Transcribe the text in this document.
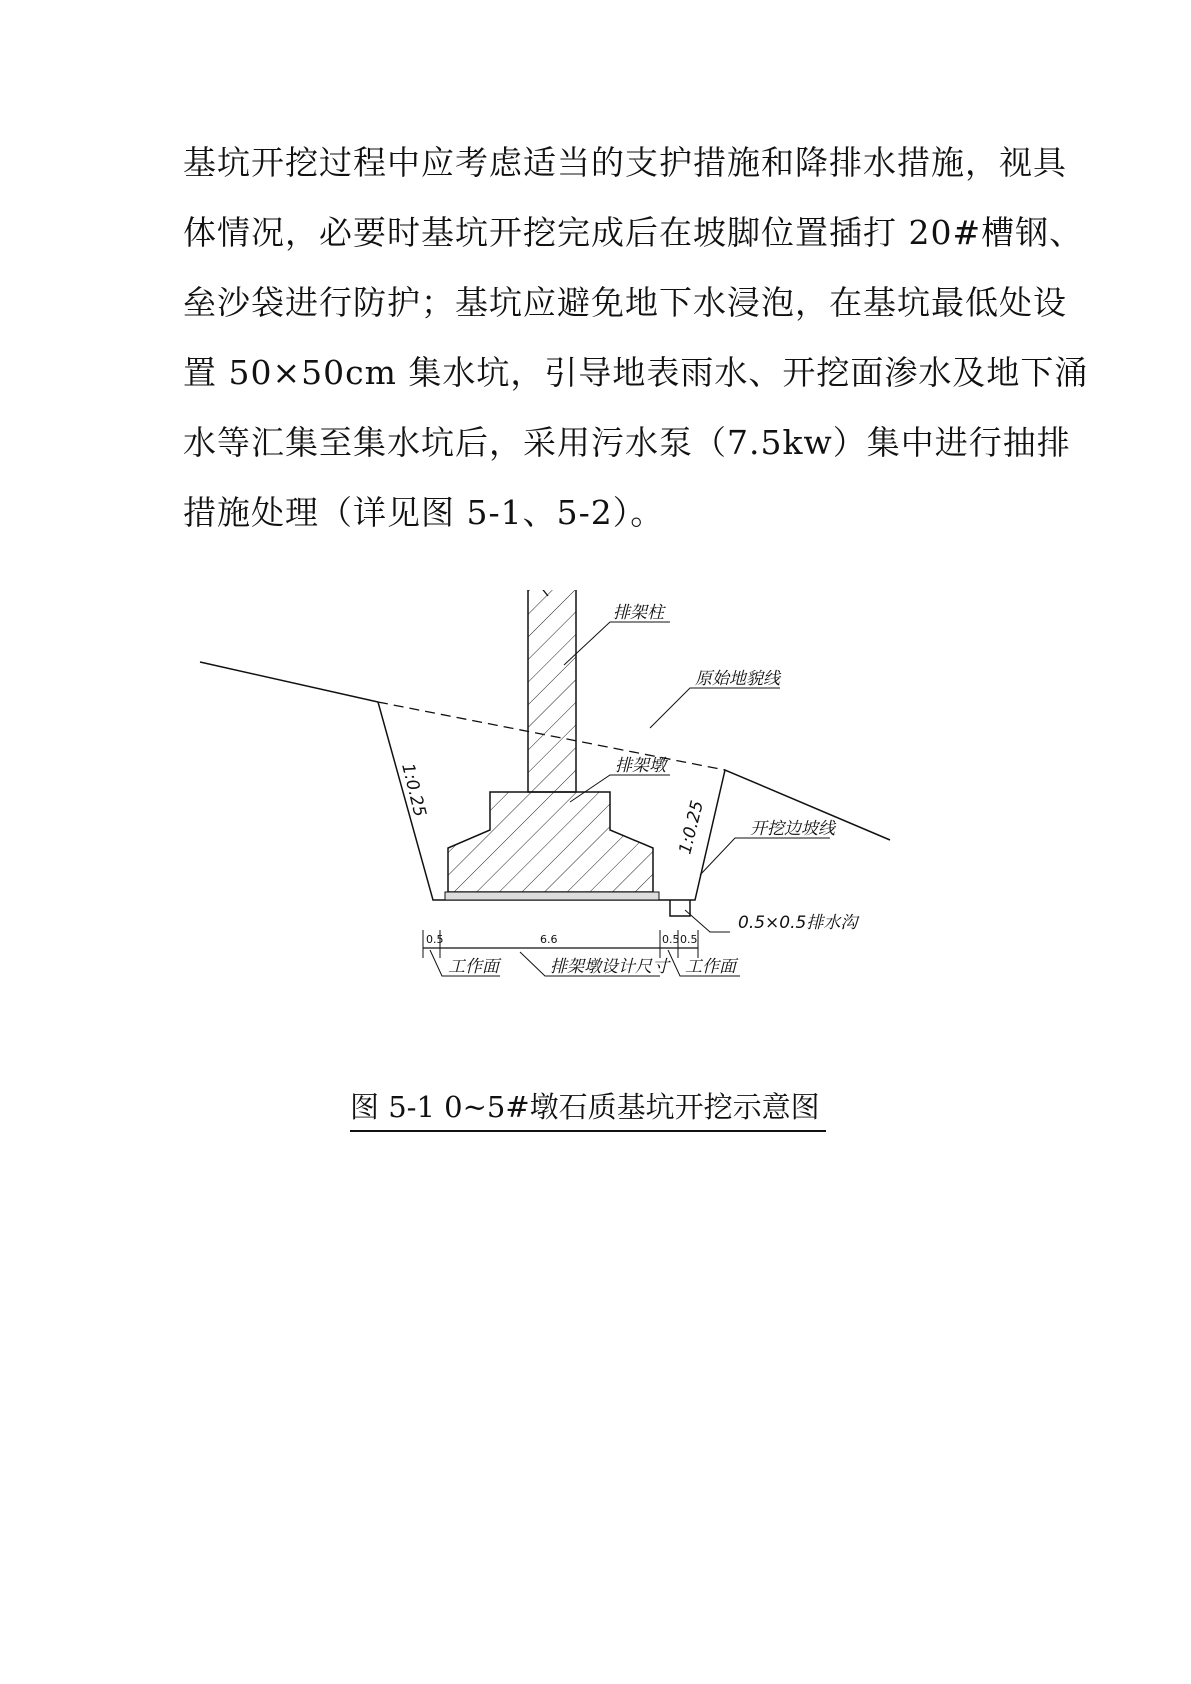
基坑开挖过程中应考虑适当的支护措施和降排水措施，视具
体情况，必要时基坑开挖完成后在坡脚位置插打 20#槽钢、
垒沙袋进行防护；基坑应避免地下水浸泡，在基坑最低处设
置 50×50cm 集水坑，引导地表雨水、开挖面渗水及地下涌
水等汇集至集水坑后，采用污水泵（7.5kw）集中进行抽排
措施处理（详见图 5-1、5-2）。
0.5	6.6	0.5 0.5
排架柱
原始地貌线
排架墩
开挖边坡线
0.5×0.5排水沟
工作面	排架墩设计尺寸 工作面
1:0.25
1:0.25
图 5-1 0~5#墩石质基坑开挖示意图
